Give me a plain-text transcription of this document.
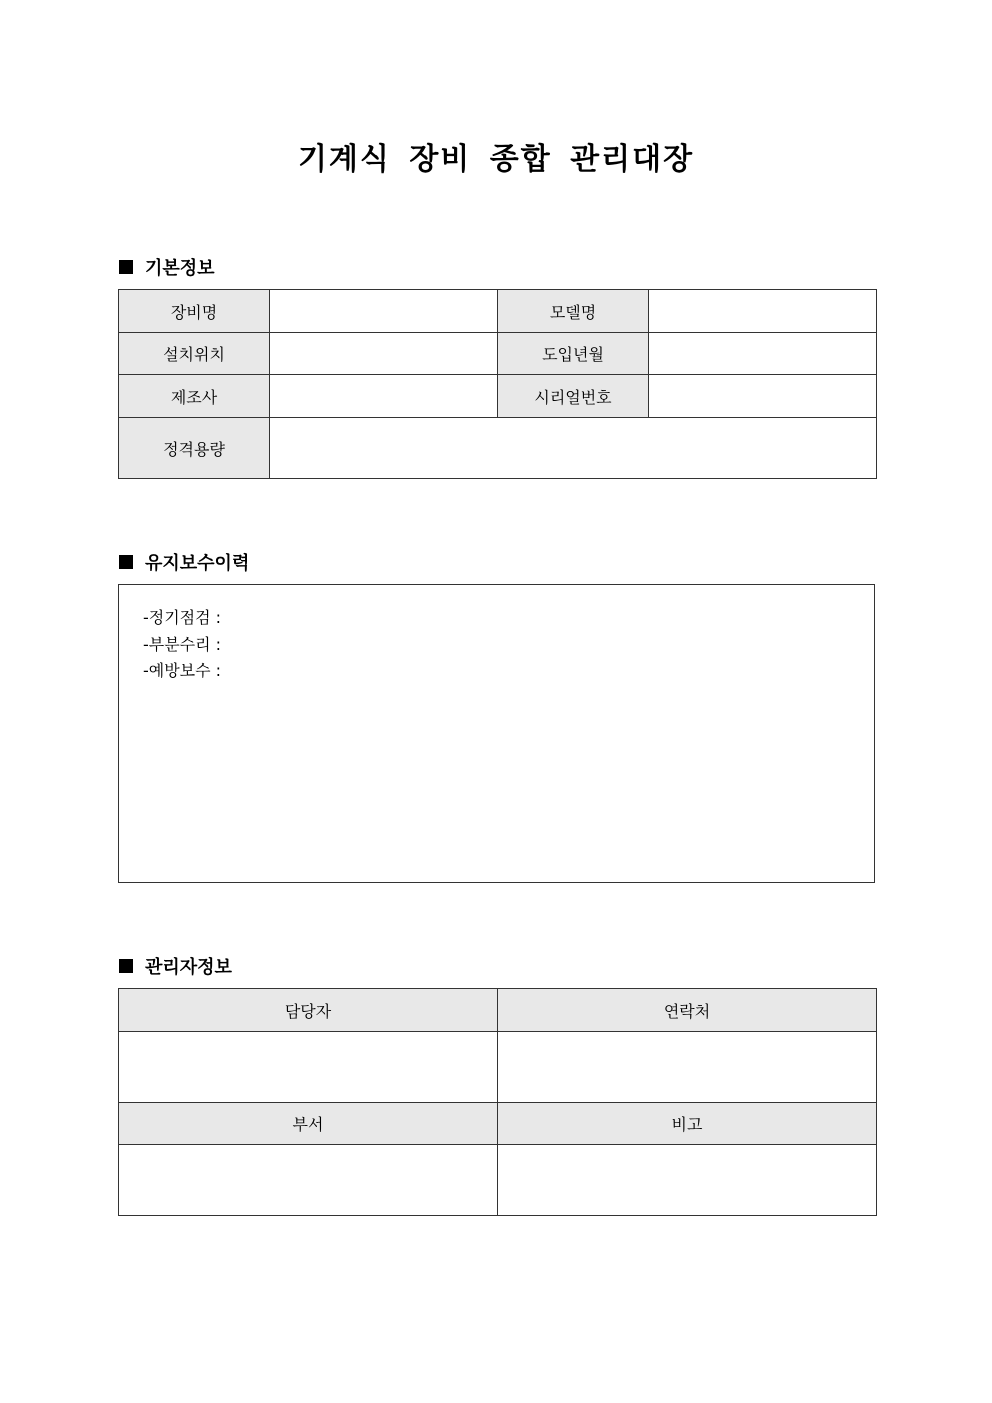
기계식 장비 종합 관리대장
기본정보
장비명		모델명	
설치위치		도입년월	
제조사		시리얼번호	
정격용량			
유지보수이력
-정기점검 :
-부분수리 :
-예방보수 :
관리자정보
담당자	연락처

부서	비고
